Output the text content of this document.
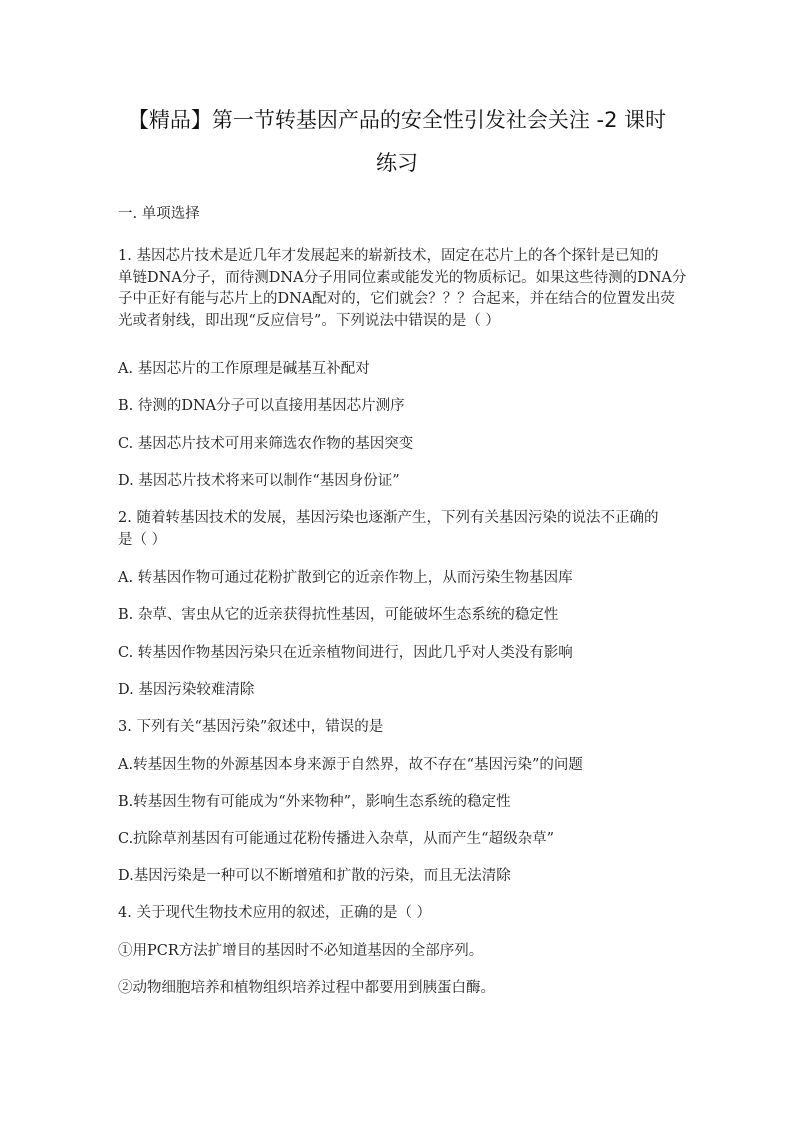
【精品】第一节转基因产品的安全性引发社会关注 -2 课时
练习
一. 单项选择
1. 基因芯片技术是近几年才发展起来的崭新技术，固定在芯片上的各个探针是已知的
单链DNA分子，而待测DNA分子用同位素或能发光的物质标记。如果这些待测的DNA分
子中正好有能与芯片上的DNA配对的，它们就会？？？合起来，并在结合的位置发出荧
光或者射线，即出现“反应信号”。下列说法中错误的是（ ）
A. 基因芯片的工作原理是碱基互补配对
B. 待测的DNA分子可以直接用基因芯片测序
C. 基因芯片技术可用来筛选农作物的基因突变
D. 基因芯片技术将来可以制作“基因身份证”
2. 随着转基因技术的发展，基因污染也逐渐产生，下列有关基因污染的说法不正确的
是（ ）
A. 转基因作物可通过花粉扩散到它的近亲作物上，从而污染生物基因库
B. 杂草、害虫从它的近亲获得抗性基因，可能破坏生态系统的稳定性
C. 转基因作物基因污染只在近亲植物间进行，因此几乎对人类没有影响
D. 基因污染较难清除
3. 下列有关“基因污染”叙述中，错误的是
A.转基因生物的外源基因本身来源于自然界，故不存在“基因污染”的问题
B.转基因生物有可能成为“外来物种”，影响生态系统的稳定性
C.抗除草剂基因有可能通过花粉传播进入杂草，从而产生“超级杂草”
D.基因污染是一种可以不断增殖和扩散的污染，而且无法清除
4. 关于现代生物技术应用的叙述，正确的是（ ）
①用PCR方法扩增目的基因时不必知道基因的全部序列。
②动物细胞培养和植物组织培养过程中都要用到胰蛋白酶。
